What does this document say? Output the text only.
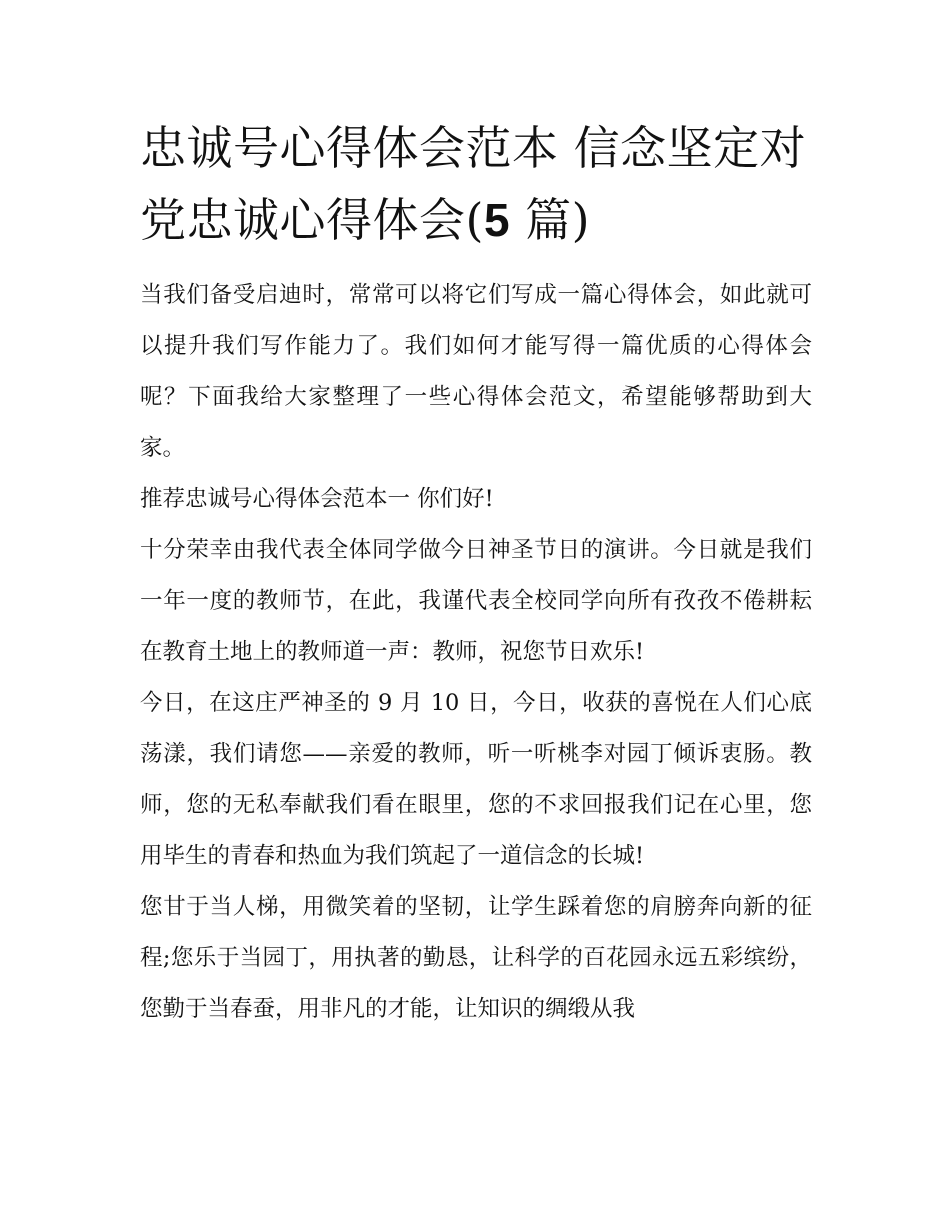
忠诚号心得体会范本 信念坚定对党忠诚心得体会(5 篇)

当我们备受启迪时，常常可以将它们写成一篇心得体会，如此就可以提升我们写作能力了。我们如何才能写得一篇优质的心得体会呢？下面我给大家整理了一些心得体会范文，希望能够帮助到大家。

推荐忠诚号心得体会范本一 你们好!

十分荣幸由我代表全体同学做今日神圣节日的演讲。今日就是我们一年一度的教师节，在此，我谨代表全校同学向所有孜孜不倦耕耘在教育土地上的教师道一声：教师，祝您节日欢乐!

今日，在这庄严神圣的 9 月 10 日，今日，收获的喜悦在人们心底荡漾，我们请您——亲爱的教师，听一听桃李对园丁倾诉衷肠。教师，您的无私奉献我们看在眼里，您的不求回报我们记在心里，您用毕生的青春和热血为我们筑起了一道信念的长城!

您甘于当人梯，用微笑着的坚韧，让学生踩着您的肩膀奔向新的征程;您乐于当园丁，用执著的勤恳，让科学的百花园永远五彩缤纷，您勤于当春蚕，用非凡的才能，让知识的绸缎从我
